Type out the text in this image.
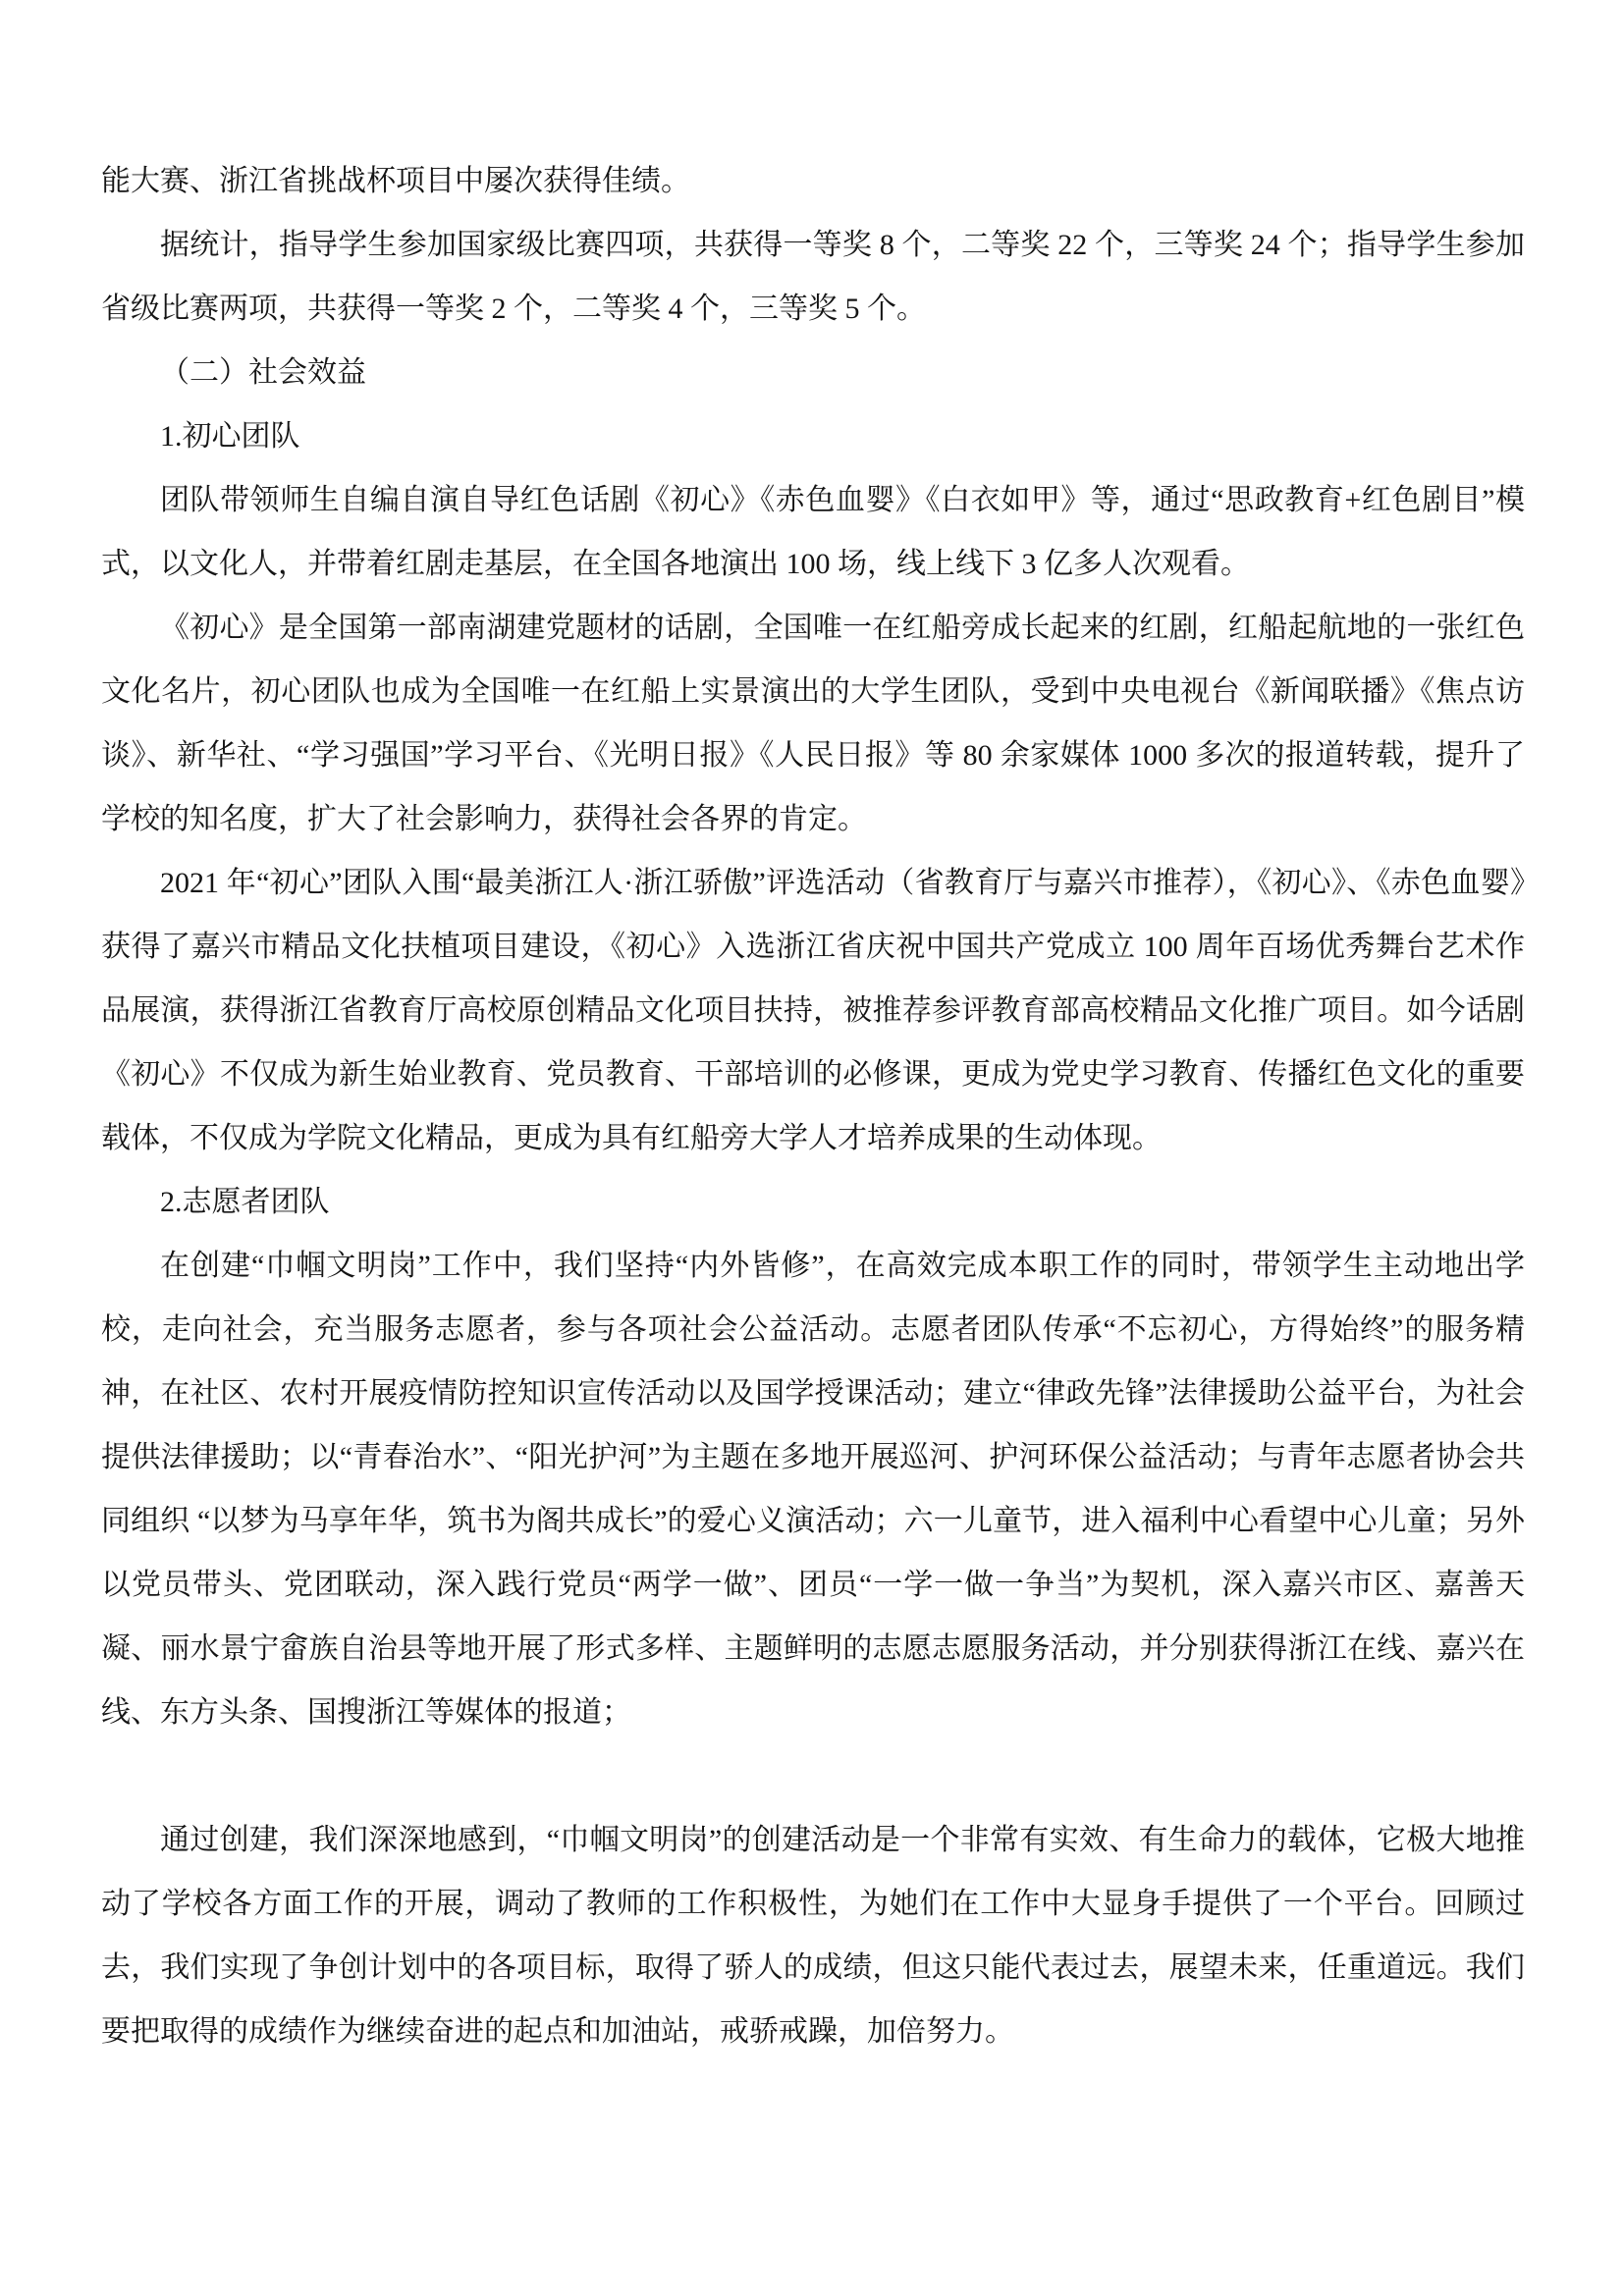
能大赛、浙江省挑战杯项目中屡次获得佳绩。

据统计，指导学生参加国家级比赛四项，共获得一等奖 8 个，二等奖 22 个，三等奖 24 个；指导学生参加省级比赛两项，共获得一等奖 2 个，二等奖 4 个，三等奖 5 个。

（二）社会效益

1.初心团队

团队带领师生自编自演自导红色话剧《初心》《赤色血婴》《白衣如甲》等，通过“思政教育+红色剧目”模式，以文化人，并带着红剧走基层，在全国各地演出 100 场，线上线下 3 亿多人次观看。

《初心》是全国第一部南湖建党题材的话剧，全国唯一在红船旁成长起来的红剧，红船起航地的一张红色文化名片，初心团队也成为全国唯一在红船上实景演出的大学生团队，受到中央电视台《新闻联播》《焦点访谈》、新华社、“学习强国”学习平台、《光明日报》《人民日报》等 80 余家媒体 1000 多次的报道转载，提升了学校的知名度，扩大了社会影响力，获得社会各界的肯定。

2021 年“初心”团队入围“最美浙江人·浙江骄傲”评选活动（省教育厅与嘉兴市推荐），《初心》、《赤色血婴》获得了嘉兴市精品文化扶植项目建设，《初心》入选浙江省庆祝中国共产党成立 100 周年百场优秀舞台艺术作品展演，获得浙江省教育厅高校原创精品文化项目扶持，被推荐参评教育部高校精品文化推广项目。如今话剧《初心》不仅成为新生始业教育、党员教育、干部培训的必修课，更成为党史学习教育、传播红色文化的重要载体，不仅成为学院文化精品，更成为具有红船旁大学人才培养成果的生动体现。

2.志愿者团队

在创建“巾帼文明岗”工作中，我们坚持“内外皆修”，在高效完成本职工作的同时，带领学生主动地出学校，走向社会，充当服务志愿者，参与各项社会公益活动。志愿者团队传承“不忘初心，方得始终”的服务精神，在社区、农村开展疫情防控知识宣传活动以及国学授课活动；建立“律政先锋”法律援助公益平台，为社会提供法律援助；以“青春治水”、“阳光护河”为主题在多地开展巡河、护河环保公益活动；与青年志愿者协会共同组织 “以梦为马享年华，筑书为阁共成长”的爱心义演活动；六一儿童节，进入福利中心看望中心儿童；另外以党员带头、党团联动，深入践行党员“两学一做”、团员“一学一做一争当”为契机，深入嘉兴市区、嘉善天凝、丽水景宁畲族自治县等地开展了形式多样、主题鲜明的志愿志愿服务活动，并分别获得浙江在线、嘉兴在线、东方头条、国搜浙江等媒体的报道；

通过创建，我们深深地感到，“巾帼文明岗”的创建活动是一个非常有实效、有生命力的载体，它极大地推动了学校各方面工作的开展，调动了教师的工作积极性，为她们在工作中大显身手提供了一个平台。回顾过去，我们实现了争创计划中的各项目标，取得了骄人的成绩，但这只能代表过去，展望未来，任重道远。我们要把取得的成绩作为继续奋进的起点和加油站，戒骄戒躁，加倍努力。
